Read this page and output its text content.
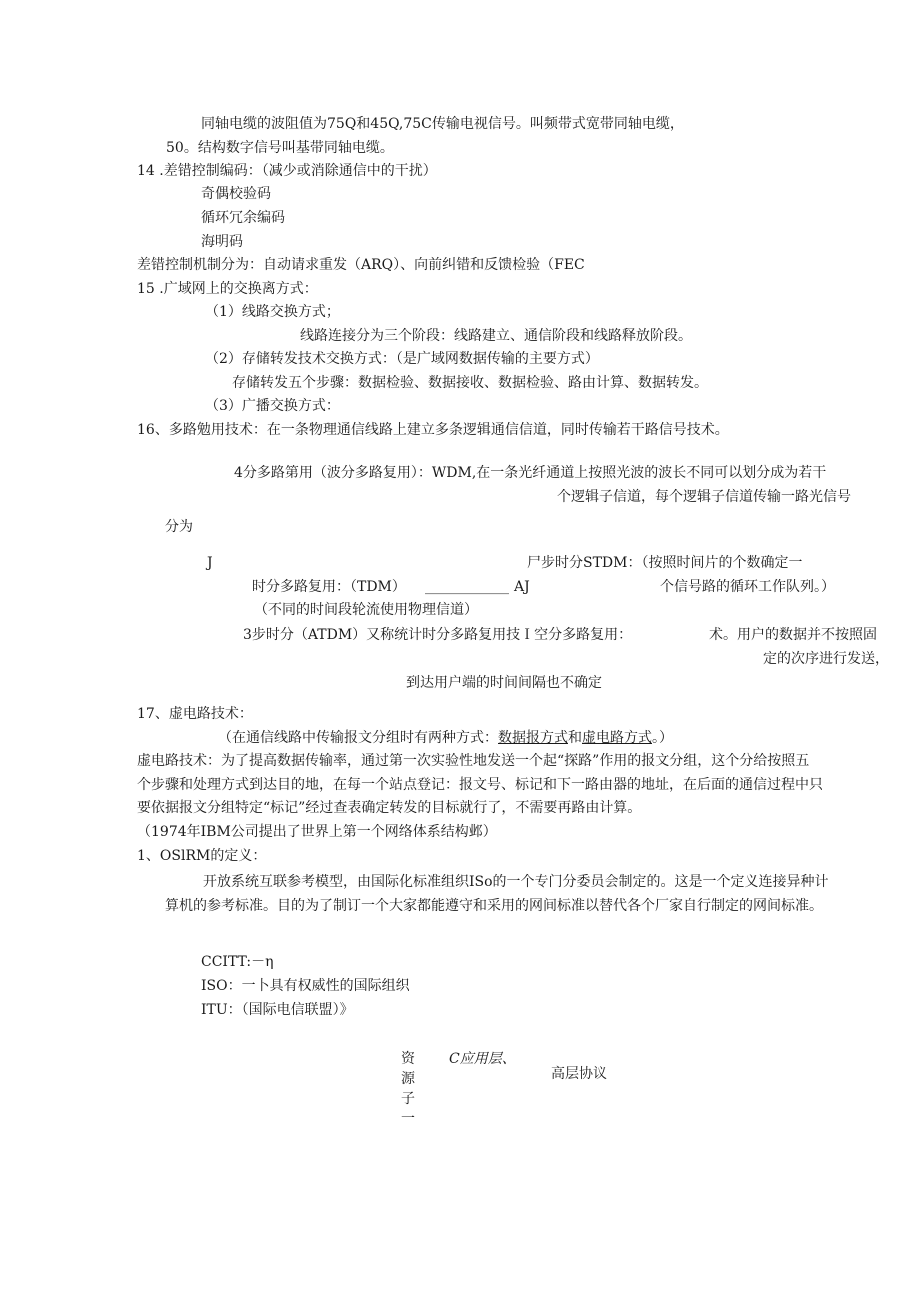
同轴电缆的波阻值为75Q和45Q,75C传输电视信号。叫频带式宽带同轴电缆，
50。结构数字信号叫基带同轴电缆。
14 .差错控制编码：（减少或消除通信中的干扰）
奇偶校验码
循环冗余编码
海明码
差错控制机制分为：自动请求重发（ARQ）、向前纠错和反馈检验（FEC
15 .广域网上的交换离方式：
（1）线路交换方式；
线路连接分为三个阶段：线路建立、通信阶段和线路释放阶段。
（2）存储转发技术交换方式：（是广域网数据传输的主要方式）
存储转发五个步骤：数据检验、数据接收、数据检验、路由计算、数据转发。
（3）广播交换方式：
16、多路勉用技术：在一条物理通信线路上建立多条逻辑通信信道，同时传输若干路信号技术。
4分多路第用（波分多路复用）：WDM,在一条光纤通道上按照光波的波长不同可以划分成为若干
个逻辑子信道，每个逻辑子信道传输一路光信号
分为
J	尸步时分STDM：（按照时间片的个数确定一
时分多路复用：（TDM） ____________ AJ	个信号路的循环工作队列。）
（不同的时间段轮流使用物理信道）
3步时分（ATDM）又称统计时分多路复用技Ｉ空分多路复用：	术。用户的数据并不按照固
定的次序进行发送，
到达用户端的时间间隔也不确定
17、虚电路技术：
（在通信线路中传输报文分组时有两种方式：数据报方式和虚电路方式。）
虚电路技术：为了提高数据传输率，通过第一次实验性地发送一个起“探路”作用的报文分组，这个分给按照五
个步骤和处理方式到达目的地，在每一个站点登记：报文号、标记和下一路由器的地址，在后面的通信过程中只
要依据报文分组特定“标记”经过查表确定转发的目标就行了，不需要再路由计算。
（1974年IBM公司提出了世界上第一个网络体系结构邺）
1、OSlRM的定义：
开放系统互联参考模型，由国际化标准组织ISo的一个专门分委员会制定的。这是一个定义连接异种计
算机的参考标准。目的为了制订一个大家都能遵守和采用的网间标准以替代各个厂家自行制定的网间标准。
CCITT:－η
ISO：一卜具有权威性的国际组织
ITU：（国际电信联盟）》
资
源
子
一
C应用层、
高层协议
